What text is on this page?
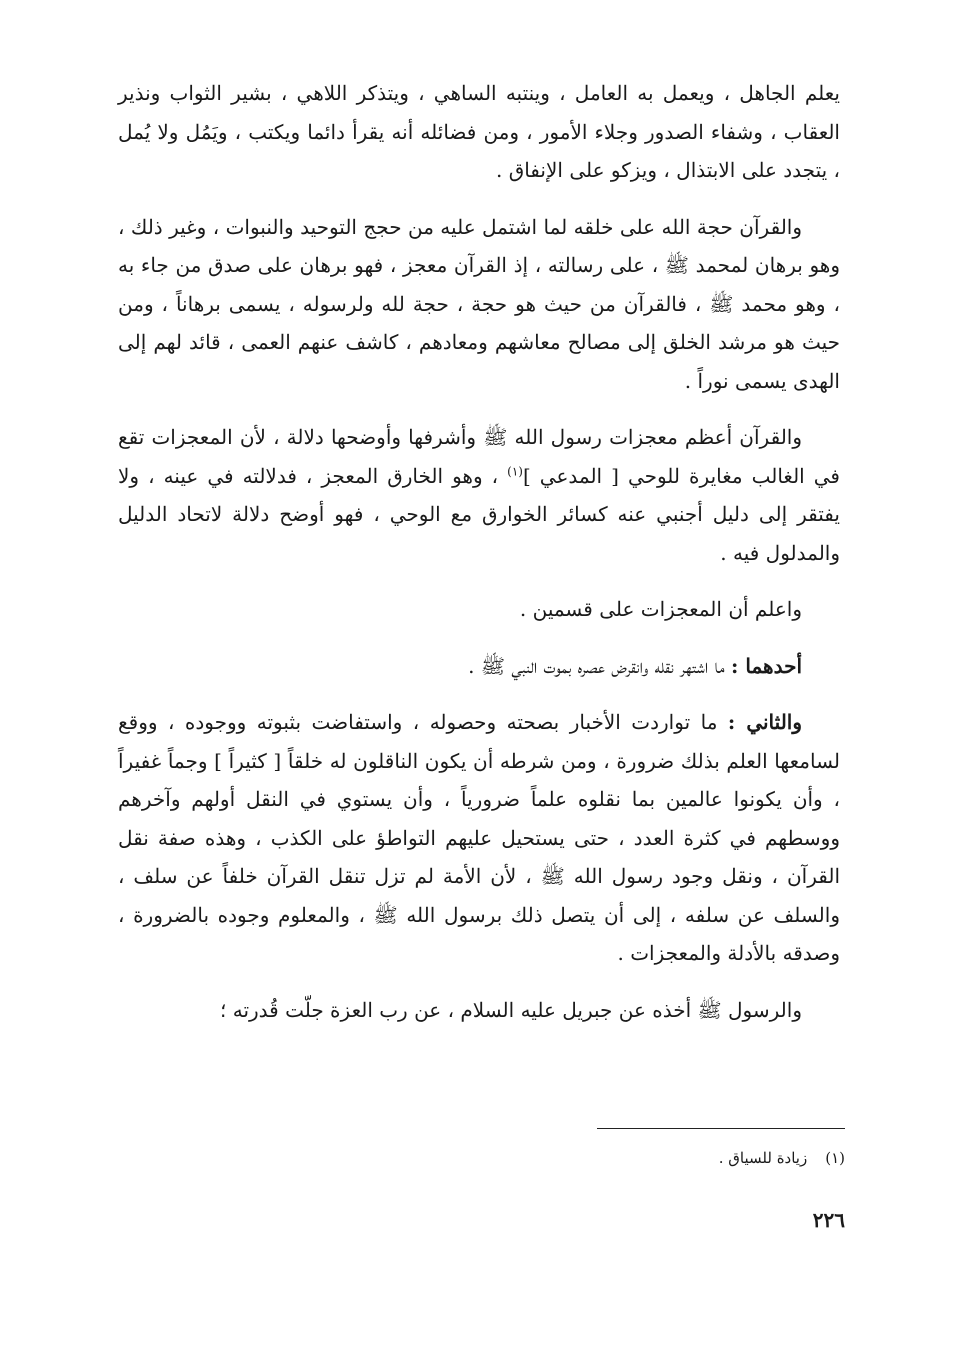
يعلم الجاهل ، ويعمل به العامل ، وينتبه الساهي ، ويتذكر اللاهي ، بشير الثواب ونذير العقاب ، وشفاء الصدور وجلاء الأمور ، ومن فضائله أنه يقرأ دائما ويكتب ، ويَمُل ولا يُمل ، يتجدد على الابتذال ، ويزكو على الإنفاق .

والقرآن حجة الله على خلقه لما اشتمل عليه من حجج التوحيد والنبوات ، وغير ذلك ، وهو برهان لمحمد ﷺ ، على رسالته ، إذ القرآن معجز ، فهو برهان على صدق من جاء به ، وهو محمد ﷺ ، فالقرآن من حيث هو حجة ، حجة لله ولرسوله ، يسمى برهاناً ، ومن حيث هو مرشد الخلق إلى مصالح معاشهم ومعادهم ، كاشف عنهم العمى ، قائد لهم إلى الهدى يسمى نوراً .

والقرآن أعظم معجزات رسول الله ﷺ وأشرفها وأوضحها دلالة ، لأن المعجزات تقع في الغالب مغايرة للوحي [ المدعي ]$^{(١)}$ ، وهو الخارق المعجز ، فدلالته في عينه ، ولا يفتقر إلى دليل أجنبي عنه كسائر الخوارق مع الوحي ، فهو أوضح دلالة لاتحاد الدليل والمدلول فيه .

واعلم أن المعجزات على قسمين .

أحدهما : ما اشتهر نقله وانقرض عصره بموت النبي ﷺ .

والثاني : ما تواردت الأخبار بصحته وحصوله ، واستفاضت بثبوته ووجوده ، ووقع لسامعها العلم بذلك ضرورة ، ومن شرطه أن يكون الناقلون له خلقاً [ كثيراً ] وجماً غفيراً ، وأن يكونوا عالمين بما نقلوه علماً ضرورياً ، وأن يستوي في النقل أولهم وآخرهم ووسطهم في كثرة العدد ، حتى يستحيل عليهم التواطؤ على الكذب ، وهذه صفة نقل القرآن ، ونقل وجود رسول الله ﷺ ، لأن الأمة لم تزل تنقل القرآن خلفاً عن سلف ، والسلف عن سلفه ، إلى أن يتصل ذلك برسول الله ﷺ ، والمعلوم وجوده بالضرورة ، وصدقه بالأدلة والمعجزات .

والرسول ﷺ أخذه عن جبريل عليه السلام ، عن رب العزة جلّت قُدرته ؛

(١)زيادة للسياق .
٢٢٦
